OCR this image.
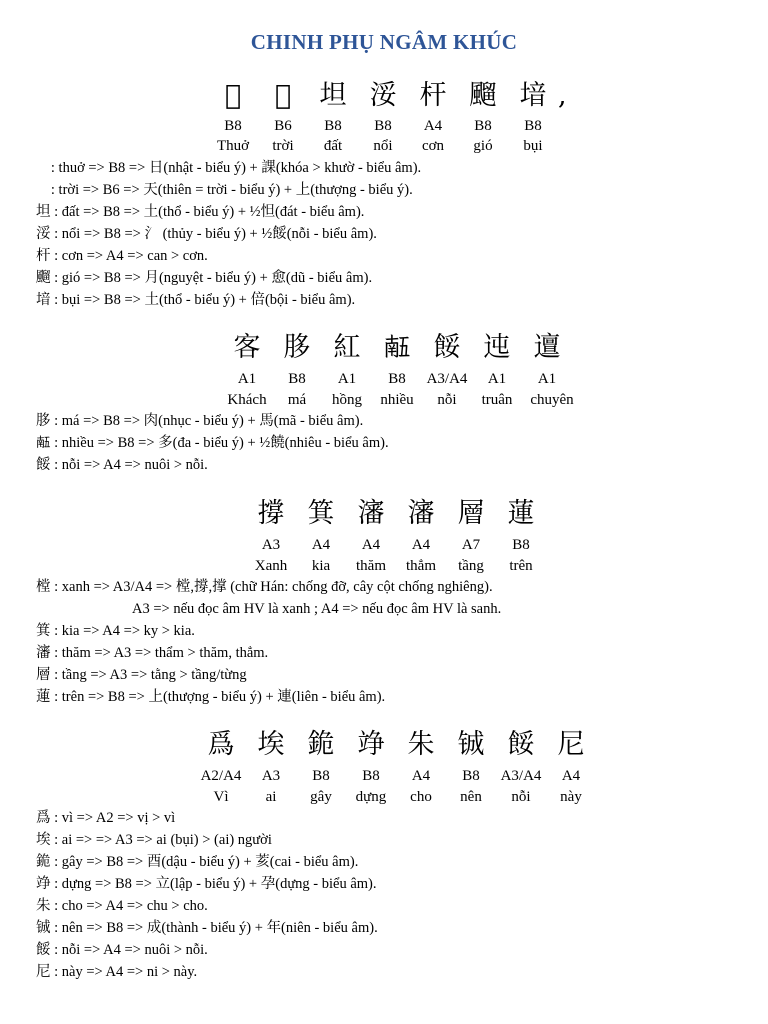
CHINH PHỤ NGÂM KHÚC
𣅶 𡗶 坦 浽 杆 飀 堷 ,
B8 B6 B8 B8 A4 B8 B8
Thuở trời đất nổi cơn gió bụi
𣅶 : thuở => B8 => 日(nhật - biểu ý) + 課(khóa > khườ - biểu âm).
𡗶 : trời => B6 => 天(thiên = trời - biểu ý) + 上(thượng - biểu ý).
坦 : đất => B8 => 土(thổ - biểu ý) + ½怛(đát - biểu âm).
浽 : nổi => B8 => 氵 (thủy - biểu ý) + ½餒(nỗi - biểu âm).
杆 : cơn => A4 => can > cơn.
飀 : gió => B8 => 月(nguyệt - biểu ý) + 愈(dũ - biểu âm).
堷 : bụi => B8 => 土(thổ - biểu ý) + 倍(bội - biểu âm).
客 䏧 紅 𠄼 餒 迍 邅
A1 B8 A1 B8 A3/A4 A1 A1
Khách má hồng nhiều nỗi truân chuyên
䏧 : má => B8 => 肉(nhục - biểu ý) + 馬(mã - biểu âm).
𠄼 : nhiều => B8 => 多(đa - biểu ý) + ½饒(nhiêu - biểu âm).
餒 : nỗi => A4 => nuôi > nỗi.
撐 箕 瀋 瀋 層 蓮
A3 A4 A4 A4 A7 B8
Xanh kia thăm thẳm tầng trên
樘 : xanh => A3/A4 => 樘,撐,撑 (chữ Hán: chống đỡ, cây cột chống nghiêng).
A3 => nếu đọc âm HV là xanh ; A4 => nếu đọc âm HV là sanh.
箕 : kia => A4 => ky > kia.
瀋 : thăm => A3 => thẩm > thăm, thẳm.
層 : tầng => A3 => tằng > tầng/từng
蓮 : trên => B8 => 上(thượng - biểu ý) + 連(liên - biểu âm).
爲 埃 䤥 竫 朱 铖 餒 尼
A2/A4 A3 B8 B8 A4 B8 A3/A4 A4
Vì ai gây dựng cho nên nỗi này
爲 : vì => A2 => vị > vì
埃 : ai => => A3 => ai (bụi) > (ai) người
䤥 : gây => B8 => 酉(dậu - biểu ý) + 荄(cai - biểu âm).
竫 : dựng => B8 => 立(lập - biểu ý) + 孕(dựng - biểu âm).
朱 : cho => A4 => chu > cho.
铖 : nên => B8 => 成(thành - biểu ý) + 年(niên - biểu âm).
餒 : nỗi => A4 => nuôi > nỗi.
尼 : này => A4 => ni > này.
